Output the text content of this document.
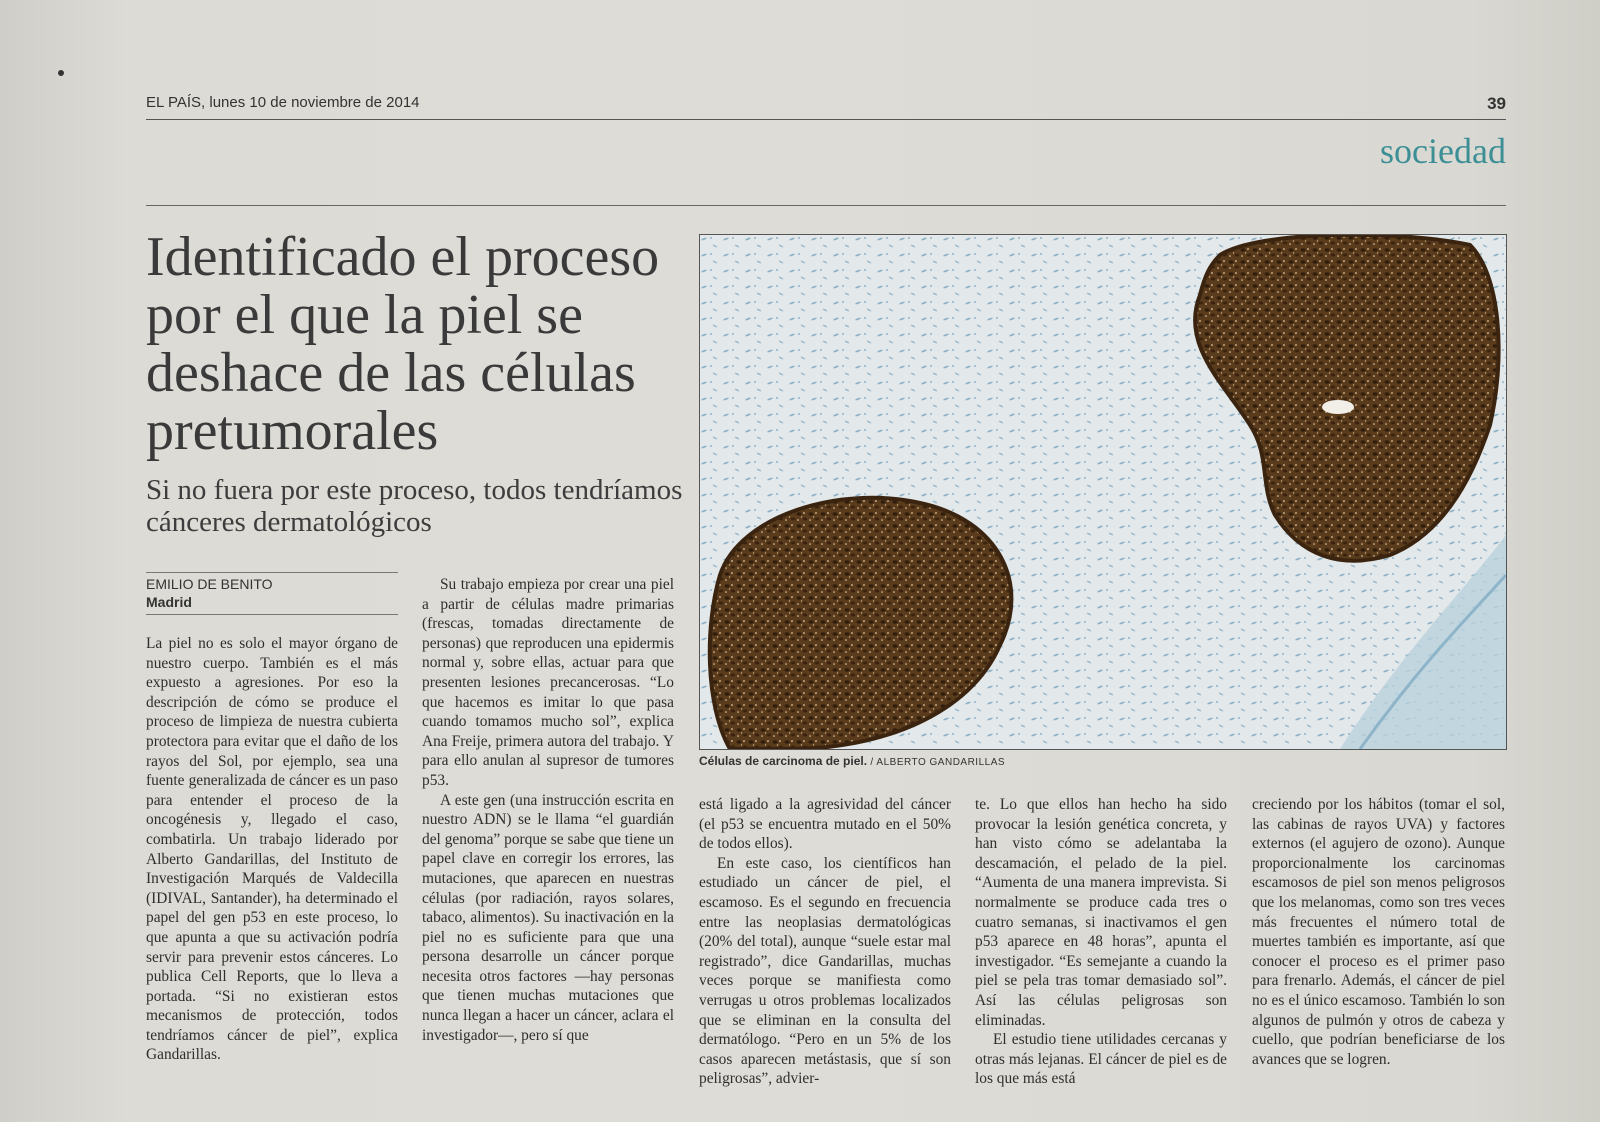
EL PAÍS, lunes 10 de noviembre de 2014	39
sociedad
Identificado el proceso por el que la piel se deshace de las células pretumorales
Si no fuera por este proceso, todos tendríamos cánceres dermatológicos
EMILIO DE BENITO
Madrid

La piel no es solo el mayor órgano de nuestro cuerpo. También es el más expuesto a agresiones. Por eso la descripción de cómo se produce el proceso de limpieza de nuestra cubierta protectora para evitar que el daño de los rayos del Sol, por ejemplo, sea una fuente generalizada de cáncer es un paso para entender el proceso de la oncogénesis y, llegado el caso, combatirla. Un trabajo liderado por Alberto Gandarillas, del Instituto de Investigación Marqués de Valdecilla (IDIVAL, Santander), ha determinado el papel del gen p53 en este proceso, lo que apunta a que su activación podría servir para prevenir estos cánceres. Lo publica Cell Reports, que lo lleva a portada. “Si no existieran estos mecanismos de protección, todos tendríamos cáncer de piel”, explica Gandarillas.

Su trabajo empieza por crear una piel a partir de células madre primarias (frescas, tomadas directamente de personas) que reproducen una epidermis normal y, sobre ellas, actuar para que presenten lesiones precancerosas. “Lo que hacemos es imitar lo que pasa cuando tomamos mucho sol”, explica Ana Freije, primera autora del trabajo. Y para ello anulan al supresor de tumores p53.

A este gen (una instrucción escrita en nuestro ADN) se le llama “el guardián del genoma” porque se sabe que tiene un papel clave en corregir los errores, las mutaciones, que aparecen en nuestras células (por radiación, rayos solares, tabaco, alimentos). Su inactivación en la piel no es suficiente para que una persona desarrolle un cáncer porque necesita otros factores —hay personas que tienen muchas mutaciones que nunca llegan a hacer un cáncer, aclara el investigador—, pero sí que

está ligado a la agresividad del cáncer (el p53 se encuentra mutado en el 50% de todos ellos).

En este caso, los científicos han estudiado un cáncer de piel, el escamoso. Es el segundo en frecuencia entre las neoplasias dermatológicas (20% del total), aunque “suele estar mal registrado”, dice Gandarillas, muchas veces porque se manifiesta como verrugas u otros problemas localizados que se eliminan en la consulta del dermatólogo. “Pero en un 5% de los casos aparecen metástasis, que sí son peligrosas”, advier-

te. Lo que ellos han hecho ha sido provocar la lesión genética concreta, y han visto cómo se adelantaba la descamación, el pelado de la piel. “Aumenta de una manera imprevista. Si normalmente se produce cada tres o cuatro semanas, si inactivamos el gen p53 aparece en 48 horas”, apunta el investigador. “Es semejante a cuando la piel se pela tras tomar demasiado sol”. Así las células peligrosas son eliminadas.

El estudio tiene utilidades cercanas y otras más lejanas. El cáncer de piel es de los que más está

creciendo por los hábitos (tomar el sol, las cabinas de rayos UVA) y factores externos (el agujero de ozono). Aunque proporcionalmente los carcinomas escamosos de piel son menos peligrosos que los melanomas, como son tres veces más frecuentes el número total de muertes también es importante, así que conocer el proceso es el primer paso para frenarlo. Además, el cáncer de piel no es el único escamoso. También lo son algunos de pulmón y otros de cabeza y cuello, que podrían beneficiarse de los avances que se logren.

Células de carcinoma de piel. / ALBERTO GANDARILLAS
